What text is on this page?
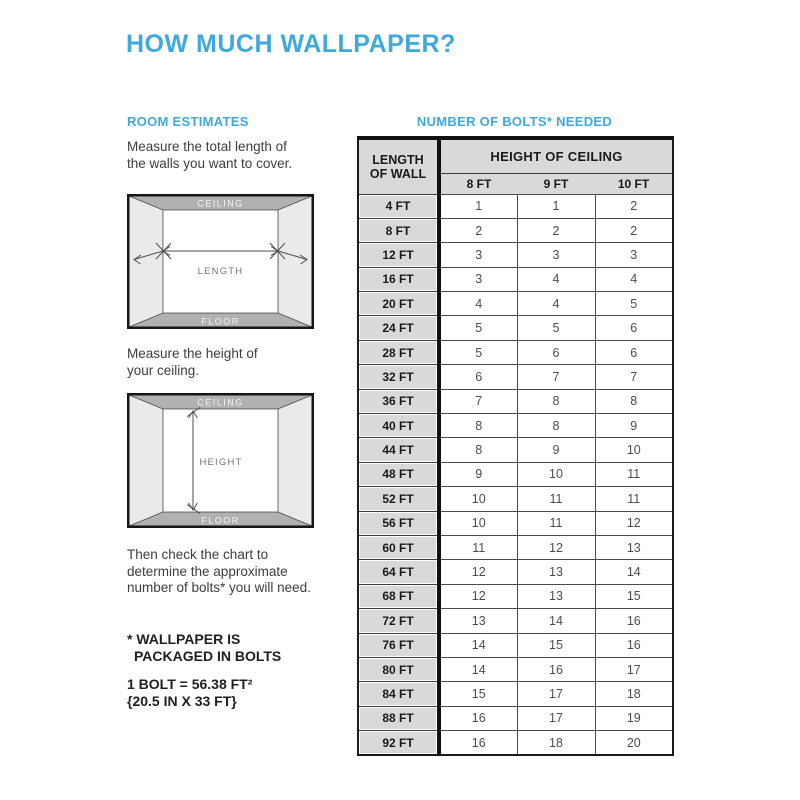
HOW MUCH WALLPAPER?
ROOM ESTIMATES

Measure the total length of
the walls you want to cover.

CEILING
FLOOR
LENGTH

Measure the height of
your ceiling.

CEILING
FLOOR
HEIGHT

Then check the chart to
determine the approximate
number of bolts* you will need.

* WALLPAPER IS
PACKAGED IN BOLTS

1 BOLT = 56.38 FT²
{20.5 IN X 33 FT}

NUMBER OF BOLTS* NEEDED
LENGTH
OF WALL	HEIGHT OF CEILING		
	8 FT	9 FT	10 FT
4 FT	1	1	2
8 FT	2	2	2
12 FT	3	3	3
16 FT	3	4	4
20 FT	4	4	5
24 FT	5	5	6
28 FT	5	6	6
32 FT	6	7	7
36 FT	7	8	8
40 FT	8	8	9
44 FT	8	9	10
48 FT	9	10	11
52 FT	10	11	11
56 FT	10	11	12
60 FT	11	12	13
64 FT	12	13	14
68 FT	12	13	15
72 FT	13	14	16
76 FT	14	15	16
80 FT	14	16	17
84 FT	15	17	18
88 FT	16	17	19
92 FT	16	18	20
